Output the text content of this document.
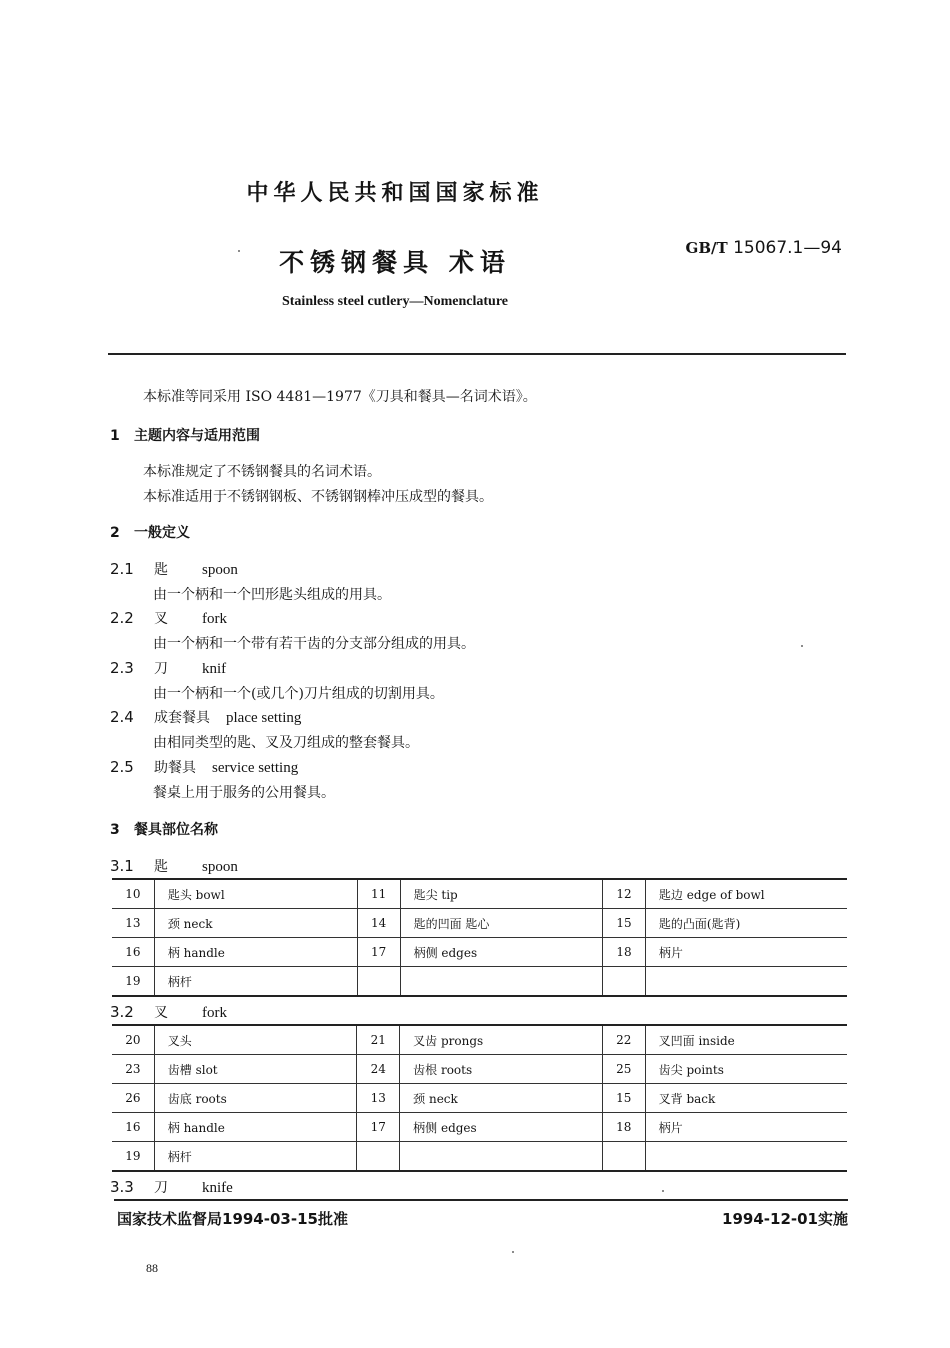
中华人民共和国国家标准
不锈钢餐具 术语	GB/T 15067.1—94
Stainless steel cutlery—Nomenclature
本标准等同采用 ISO 4481—1977《刀具和餐具—名词术语》。
1 主题内容与适用范围
本标准规定了不锈钢餐具的名词术语。
本标准适用于不锈钢钢板、不锈钢钢棒冲压成型的餐具。
2 一般定义
2.1 匙 spoon
由一个柄和一个凹形匙头组成的用具。
2.2 叉 fork
由一个柄和一个带有若干齿的分支部分组成的用具。
2.3 刀 knif
由一个柄和一个(或几个)刀片组成的切割用具。
2.4 成套餐具 place setting
由相同类型的匙、叉及刀组成的整套餐具。
2.5 助餐具 service setting
餐桌上用于服务的公用餐具。
3 餐具部位名称
3.1 匙 spoon
10	匙头 bowl	11	匙尖 tip	12	匙边 edge of bowl
13	颈 neck	14	匙的凹面 匙心	15	匙的凸面(匙背)
16	柄 handle	17	柄侧 edges	18	柄片
19	柄杆				
3.2 叉 fork
20	叉头	21	叉齿 prongs	22	叉凹面 inside
23	齿槽 slot	24	齿根 roots	25	齿尖 points
26	齿底 roots	13	颈 neck	15	叉背 back
16	柄 handle	17	柄侧 edges	18	柄片
19	柄杆				
3.3 刀 knife
国家技术监督局1994-03-15批准	1994-12-01实施
88
